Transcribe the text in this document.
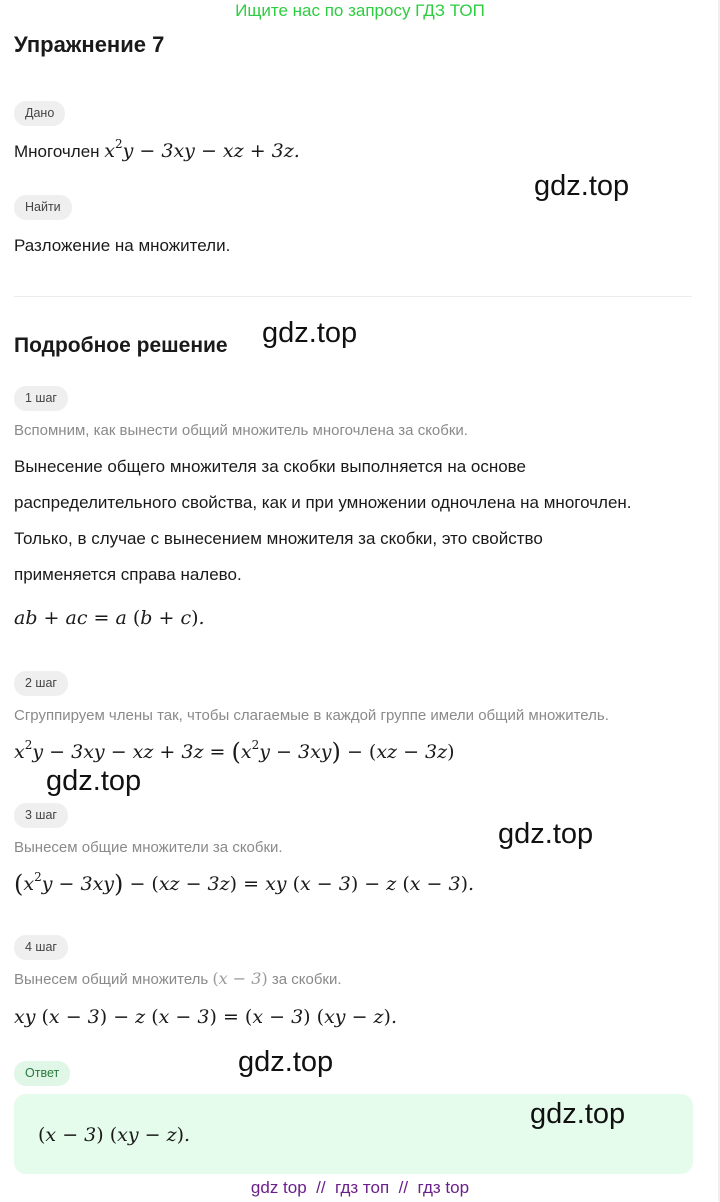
Ищите нас по запросу ГДЗ ТОП
Упражнение 7
Дано
Многочлен $x^2y - 3xy$ − xz + 3z.
gdz.top
Найти
Разложение на множители.
Подробное решение gdz.top
1 шаг
Вспомним, как вынести общий множитель многочлена за скобки.
Вынесение общего множителя за скобки выполняется на основе
распределительного свойства, как и при умножении одночлена на многочлен.
Только, в случае с вынесением множителя за скобки, это свойство
применяется справа налево.
ab + ac = a (b + c).
2 шаг
Сгруппируем члены так, чтобы слагаемые в каждой группе имели общий множитель.
$x^2y - 3xy$ − xz + $3z = (x^2y - 3xy) - (xz - 3z)$
gdz.top
3 шаг
gdz.top
Вынесем общие множители за скобки.
$(x^2y - 3xy) - (xz - 3z)$ = xy (x − 3) − z (x − 3).
4 шаг
Вынесем общий множитель (x − 3) за скобки.
xy (x − 3) − z (x − 3) = (x − 3) (xy − z).
gdz.top
Ответ
gdz.top
(x − 3) (xy − z).
gdz top // гдз топ // гдз top
